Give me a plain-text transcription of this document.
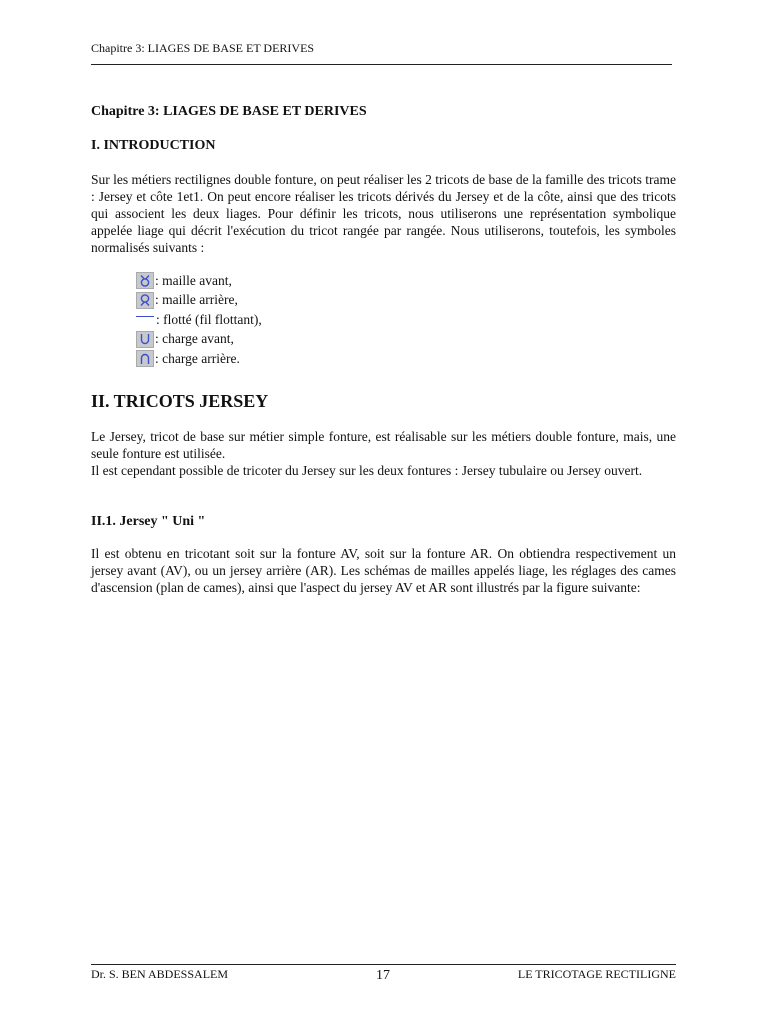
Chapitre 3: LIAGES DE BASE ET DERIVES
Chapitre 3: LIAGES DE BASE ET DERIVES
I. INTRODUCTION
Sur les métiers rectilignes double fonture, on peut réaliser les 2 tricots de base de la famille des tricots trame : Jersey et côte 1et1. On peut encore réaliser les tricots dérivés du Jersey et de la côte, ainsi que des tricots qui associent les deux liages. Pour définir les tricots, nous utiliserons une représentation symbolique appelée liage qui décrit l'exécution du tricot rangée par rangée. Nous utiliserons, toutefois, les symboles normalisés suivants :
: maille avant,
: maille arrière,
: flotté (fil flottant),
: charge avant,
: charge arrière.
II. TRICOTS JERSEY
Le Jersey, tricot de base sur métier simple fonture, est réalisable sur les métiers double fonture, mais, une seule fonture est utilisée.
Il est cependant possible de tricoter du Jersey sur les deux fontures : Jersey tubulaire ou Jersey ouvert.
II.1. Jersey " Uni "
Il est obtenu en tricotant soit sur la fonture AV, soit sur la fonture AR. On obtiendra respectivement un jersey avant (AV), ou un jersey arrière (AR). Les schémas de mailles appelés liage, les réglages des cames d'ascension (plan de cames), ainsi que l'aspect du jersey AV et AR sont illustrés par la figure suivante:
Dr. S. BEN ABDESSALEM	17	LE TRICOTAGE RECTILIGNE
